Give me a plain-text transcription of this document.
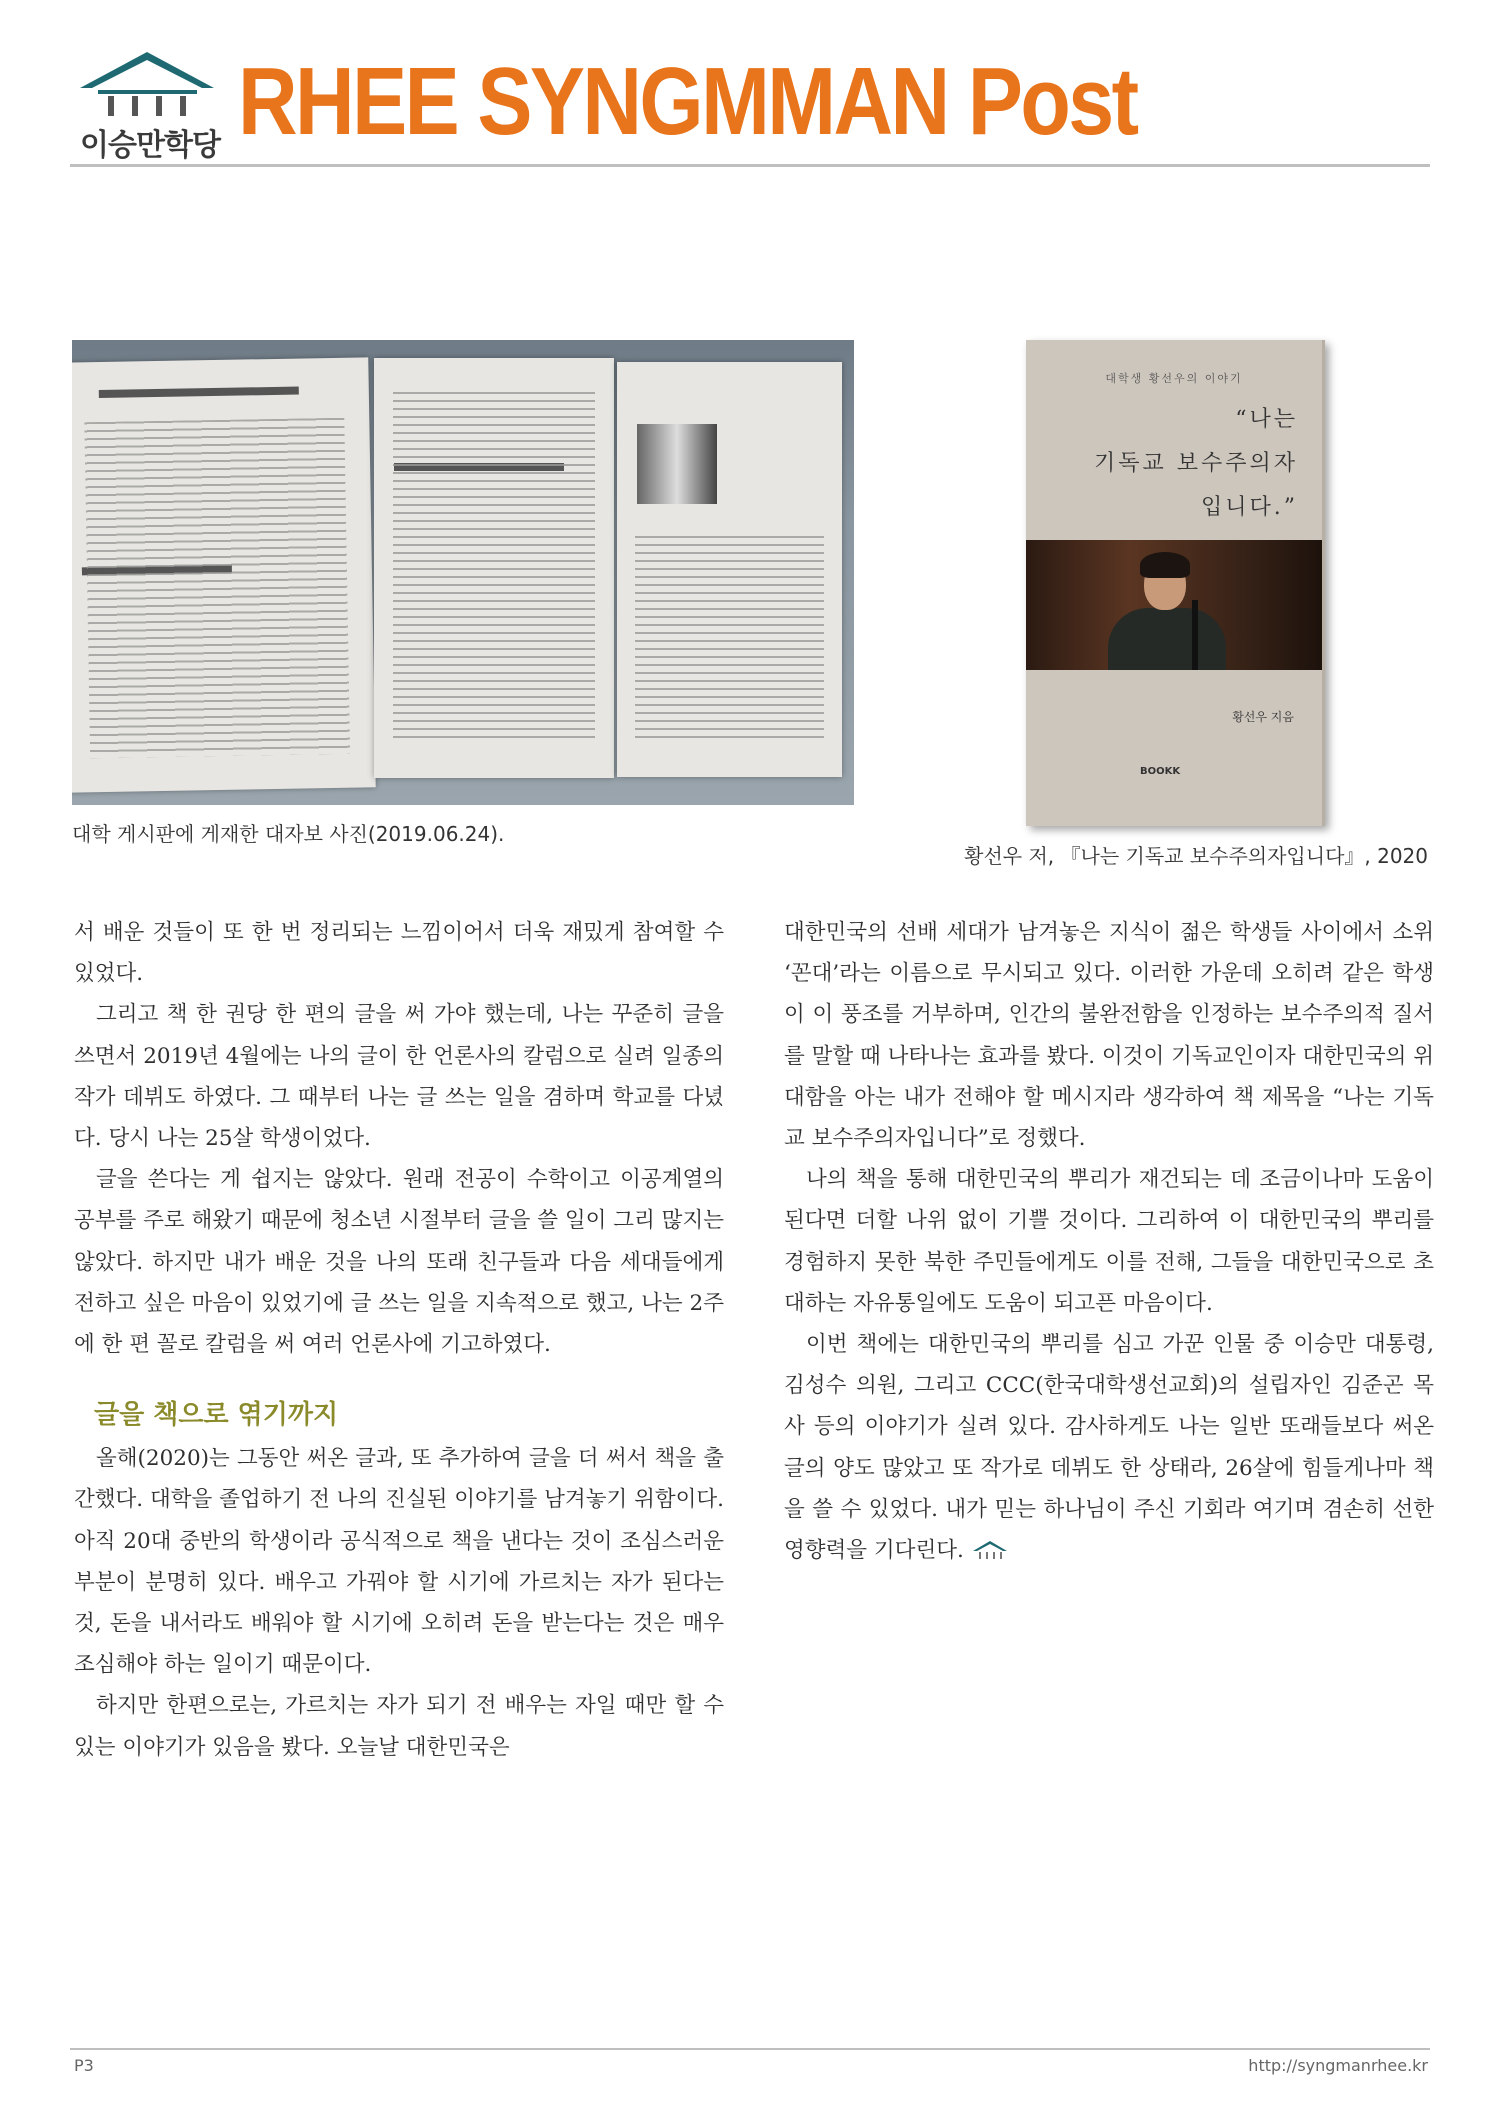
이승만학당 RHEE SYNGMMAN Post
대학 게시판에 게재한 대자보 사진(2019.06.24).
대학생 황선우의 이야기
“나는
기독교 보수주의자
입니다.”
황선우 지음
BOOKK
황선우 저, 『나는 기독교 보수주의자입니다』, 2020

서 배운 것들이 또 한 번 정리되는 느낌이어서 더욱 재밌게 참여할 수 있었다.

그리고 책 한 권당 한 편의 글을 써 가야 했는데, 나는 꾸준히 글을 쓰면서 2019년 4월에는 나의 글이 한 언론사의 칼럼으로 실려 일종의 작가 데뷔도 하였다. 그 때부터 나는 글 쓰는 일을 겸하며 학교를 다녔다. 당시 나는 25살 학생이었다.

글을 쓴다는 게 쉽지는 않았다. 원래 전공이 수학이고 이공계열의 공부를 주로 해왔기 때문에 청소년 시절부터 글을 쓸 일이 그리 많지는 않았다. 하지만 내가 배운 것을 나의 또래 친구들과 다음 세대들에게 전하고 싶은 마음이 있었기에 글 쓰는 일을 지속적으로 했고, 나는 2주에 한 편 꼴로 칼럼을 써 여러 언론사에 기고하였다.

글을 책으로 엮기까지

올해(2020)는 그동안 써온 글과, 또 추가하여 글을 더 써서 책을 출간했다. 대학을 졸업하기 전 나의 진실된 이야기를 남겨놓기 위함이다. 아직 20대 중반의 학생이라 공식적으로 책을 낸다는 것이 조심스러운 부분이 분명히 있다. 배우고 가꿔야 할 시기에 가르치는 자가 된다는 것, 돈을 내서라도 배워야 할 시기에 오히려 돈을 받는다는 것은 매우 조심해야 하는 일이기 때문이다.

하지만 한편으로는, 가르치는 자가 되기 전 배우는 자일 때만 할 수 있는 이야기가 있음을 봤다. 오늘날 대한민국은

대한민국의 선배 세대가 남겨놓은 지식이 젊은 학생들 사이에서 소위 ‘꼰대’라는 이름으로 무시되고 있다. 이러한 가운데 오히려 같은 학생이 이 풍조를 거부하며, 인간의 불완전함을 인정하는 보수주의적 질서를 말할 때 나타나는 효과를 봤다. 이것이 기독교인이자 대한민국의 위대함을 아는 내가 전해야 할 메시지라 생각하여 책 제목을 “나는 기독교 보수주의자입니다”로 정했다.

나의 책을 통해 대한민국의 뿌리가 재건되는 데 조금이나마 도움이 된다면 더할 나위 없이 기쁠 것이다. 그리하여 이 대한민국의 뿌리를 경험하지 못한 북한 주민들에게도 이를 전해, 그들을 대한민국으로 초대하는 자유통일에도 도움이 되고픈 마음이다.

이번 책에는 대한민국의 뿌리를 심고 가꾼 인물 중 이승만 대통령, 김성수 의원, 그리고 CCC(한국대학생선교회)의 설립자인 김준곤 목사 등의 이야기가 실려 있다. 감사하게도 나는 일반 또래들보다 써온 글의 양도 많았고 또 작가로 데뷔도 한 상태라, 26살에 힘들게나마 책을 쓸 수 있었다. 내가 믿는 하나님이 주신 기회라 여기며 겸손히 선한 영향력을 기다린다.

P3	http://syngmanrhee.kr
